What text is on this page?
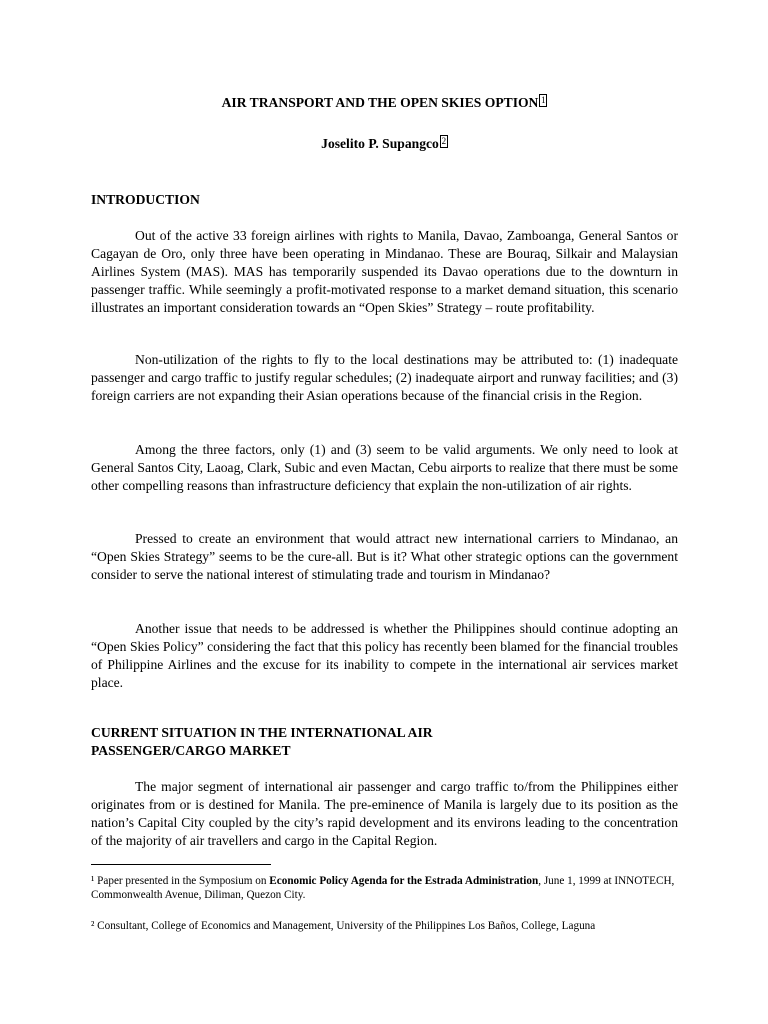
AIR TRANSPORT AND THE OPEN SKIES OPTION 1
Joselito P. Supangco 2
INTRODUCTION

Out of the active 33 foreign airlines with rights to Manila, Davao, Zamboanga, General Santos or Cagayan de Oro, only three have been operating in Mindanao. These are Bouraq, Silkair and Malaysian Airlines System (MAS). MAS has temporarily suspended its Davao operations due to the downturn in passenger traffic. While seemingly a profit-motivated response to a market demand situation, this scenario illustrates an important consideration towards an “Open Skies” Strategy – route profitability.

Non-utilization of the rights to fly to the local destinations may be attributed to: (1) inadequate passenger and cargo traffic to justify regular schedules; (2) inadequate airport and runway facilities; and (3) foreign carriers are not expanding their Asian operations because of the financial crisis in the Region.

Among the three factors, only (1) and (3) seem to be valid arguments. We only need to look at General Santos City, Laoag, Clark, Subic and even Mactan, Cebu airports to realize that there must be some other compelling reasons than infrastructure deficiency that explain the non-utilization of air rights.

Pressed to create an environment that would attract new international carriers to Mindanao, an “Open Skies Strategy” seems to be the cure-all. But is it? What other strategic options can the government consider to serve the national interest of stimulating trade and tourism in Mindanao?

Another issue that needs to be addressed is whether the Philippines should continue adopting an “Open Skies Policy” considering the fact that this policy has recently been blamed for the financial troubles of Philippine Airlines and the excuse for its inability to compete in the international air services market place.

CURRENT SITUATION IN THE INTERNATIONAL AIR
PASSENGER/CARGO MARKET

The major segment of international air passenger and cargo traffic to/from the Philippines either originates from or is destined for Manila. The pre-eminence of Manila is largely due to its position as the nation’s Capital City coupled by the city’s rapid development and its environs leading to the concentration of the majority of air travellers and cargo in the Capital Region.

¹ Paper presented in the Symposium on Economic Policy Agenda for the Estrada Administration, June 1, 1999 at INNOTECH, Commonwealth Avenue, Diliman, Quezon City.

² Consultant, College of Economics and Management, University of the Philippines Los Baños, College, Laguna
